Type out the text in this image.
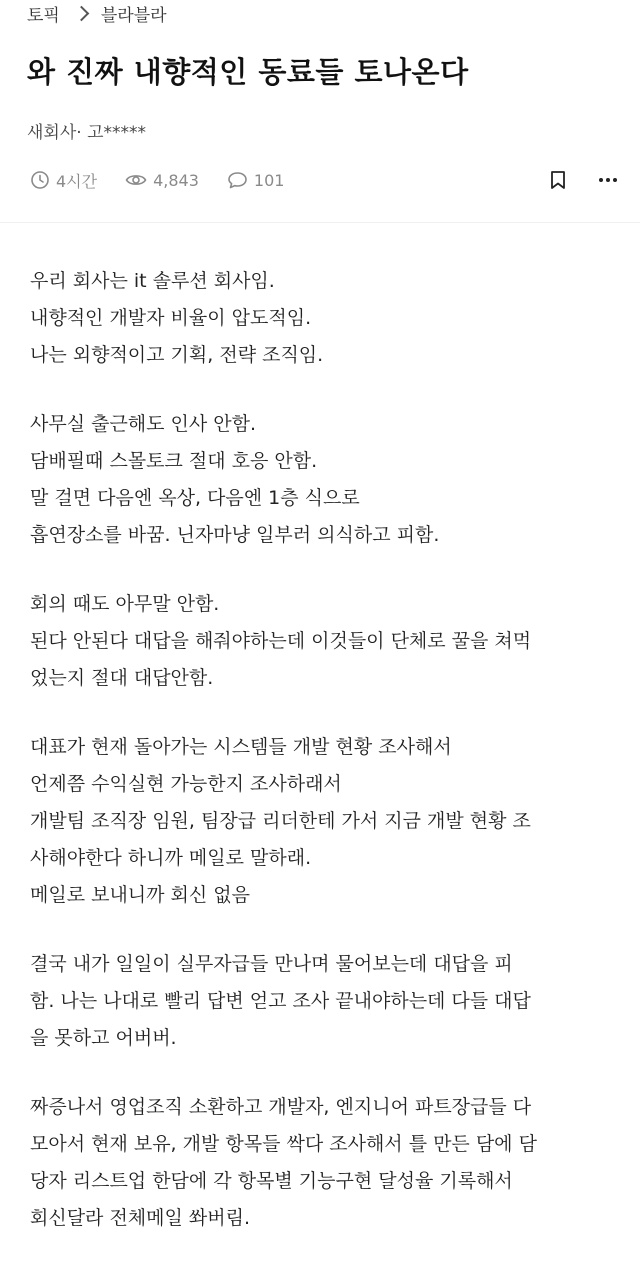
토픽 블라블라
와 진짜 내향적인 동료들 토나온다
새회사· 고*****
4시간	4,843	101
우리 회사는 it 솔루션 회사임.
내향적인 개발자 비율이 압도적임.
나는 외향적이고 기획, 전략 조직임.
사무실 출근해도 인사 안함.
담배필때 스몰토크 절대 호응 안함.
말 걸면 다음엔 옥상, 다음엔 1층 식으로
흡연장소를 바꿈. 닌자마냥 일부러 의식하고 피함.
회의 때도 아무말 안함.
된다 안된다 대답을 해줘야하는데 이것들이 단체로 꿀을 쳐먹
었는지 절대 대답안함.
대표가 현재 돌아가는 시스템들 개발 현황 조사해서
언제쯤 수익실현 가능한지 조사하래서
개발팀 조직장 임원, 팀장급 리더한테 가서 지금 개발 현황 조
사해야한다 하니까 메일로 말하래.
메일로 보내니까 회신 없음
결국 내가 일일이 실무자급들 만나며 물어보는데 대답을 피
함. 나는 나대로 빨리 답변 얻고 조사 끝내야하는데 다들 대답
을 못하고 어버버.
짜증나서 영업조직 소환하고 개발자, 엔지니어 파트장급들 다
모아서 현재 보유, 개발 항목들 싹다 조사해서 틀 만든 담에 담
당자 리스트업 한담에 각 항목별 기능구현 달성율 기록해서
회신달라 전체메일 쏴버림.
